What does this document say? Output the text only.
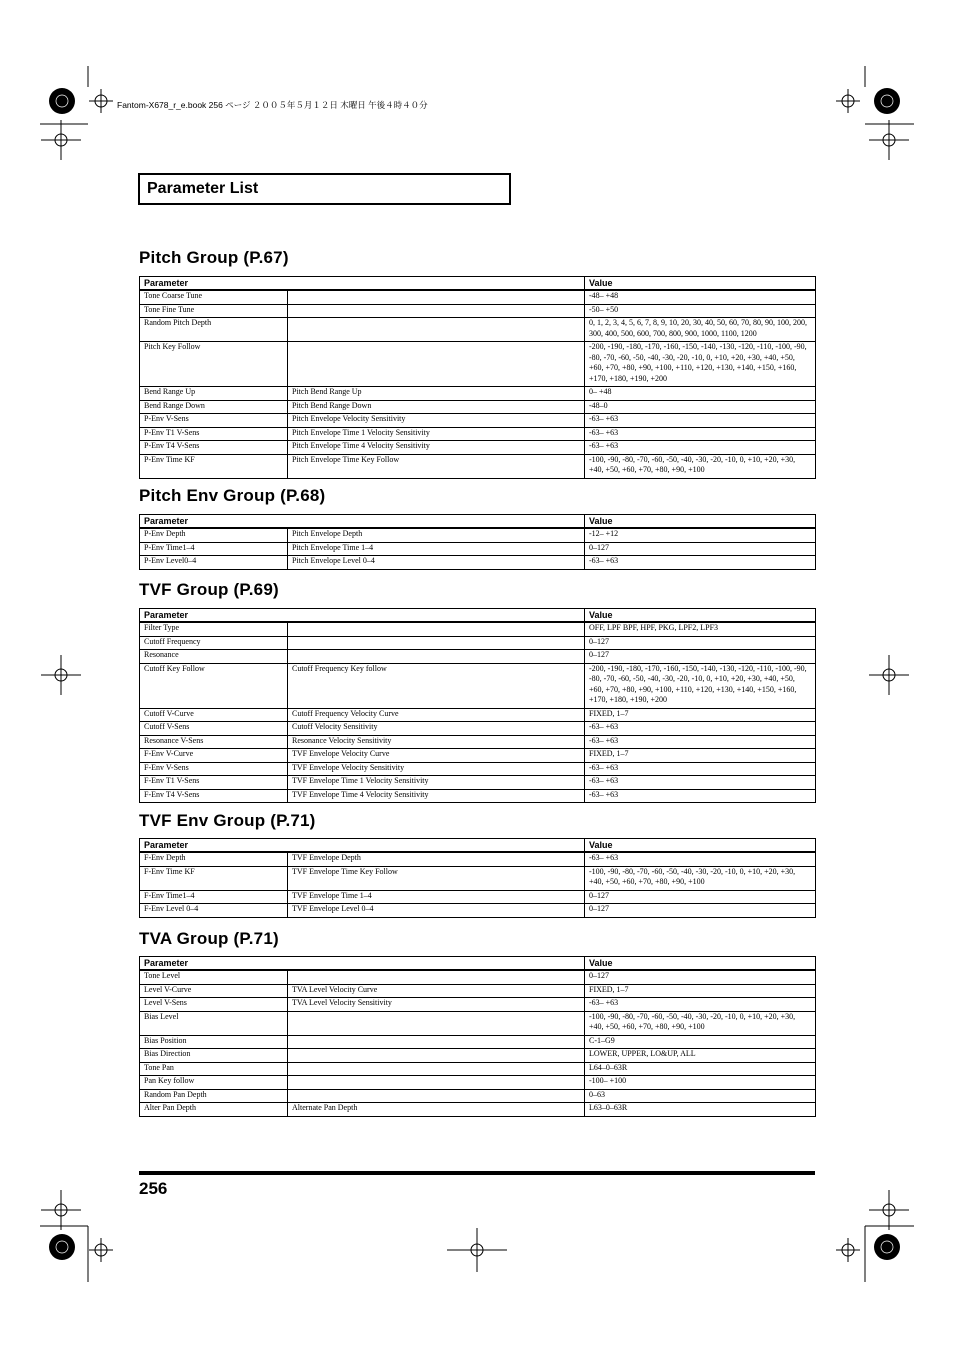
Fantom-X678_r_e.book 256 ページ ２００５年５月１２日 木曜日 午後４時４０分
Parameter List
Pitch Group (P.67)
Parameter		Value
Tone Coarse Tune		-48– +48
Tone Fine Tune		-50– +50
Random Pitch Depth		0, 1, 2, 3, 4, 5, 6, 7, 8, 9, 10, 20, 30, 40, 50, 60, 70, 80, 90, 100, 200, 300, 400, 500, 600, 700, 800, 900, 1000, 1100, 1200
Pitch Key Follow		-200, -190, -180, -170, -160, -150, -140, -130, -120, -110, -100, -90, -80, -70, -60, -50, -40, -30, -20, -10, 0, +10, +20, +30, +40, +50, +60, +70, +80, +90, +100, +110, +120, +130, +140, +150, +160, +170, +180, +190, +200
Bend Range Up	Pitch Bend Range Up	0– +48
Bend Range Down	Pitch Bend Range Down	-48–0
P-Env V-Sens	Pitch Envelope Velocity Sensitivity	-63– +63
P-Env T1 V-Sens	Pitch Envelope Time 1 Velocity Sensitivity	-63– +63
P-Env T4 V-Sens	Pitch Envelope Time 4 Velocity Sensitivity	-63– +63
P-Env Time KF	Pitch Envelope Time Key Follow	-100, -90, -80, -70, -60, -50, -40, -30, -20, -10, 0, +10, +20, +30, +40, +50, +60, +70, +80, +90, +100
Pitch Env Group (P.68)
Parameter		Value
P-Env Depth	Pitch Envelope Depth	-12– +12
P-Env Time1–4	Pitch Envelope Time 1–4	0–127
P-Env Level0–4	Pitch Envelope Level 0–4	-63– +63
TVF Group (P.69)
Parameter		Value
Filter Type		OFF, LPF BPF, HPF, PKG, LPF2, LPF3
Cutoff Frequency		0–127
Resonance		0–127
Cutoff Key Follow	Cutoff Frequency Key follow	-200, -190, -180, -170, -160, -150, -140, -130, -120, -110, -100, -90, -80, -70, -60, -50, -40, -30, -20, -10, 0, +10, +20, +30, +40, +50, +60, +70, +80, +90, +100, +110, +120, +130, +140, +150, +160, +170, +180, +190, +200
Cutoff V-Curve	Cutoff Frequency Velocity Curve	FIXED, 1–7
Cutoff V-Sens	Cutoff Velocity Sensitivity	-63– +63
Resonance V-Sens	Resonance Velocity Sensitivity	-63– +63
F-Env V-Curve	TVF Envelope Velocity Curve	FIXED, 1–7
F-Env V-Sens	TVF Envelope Velocity Sensitivity	-63– +63
F-Env T1 V-Sens	TVF Envelope Time 1 Velocity Sensitivity	-63– +63
F-Env T4 V-Sens	TVF Envelope Time 4 Velocity Sensitivity	-63– +63
TVF Env Group (P.71)
Parameter		Value
F-Env Depth	TVF Envelope Depth	-63– +63
F-Env Time KF	TVF Envelope Time Key Follow	-100, -90, -80, -70, -60, -50, -40, -30, -20, -10, 0, +10, +20, +30, +40, +50, +60, +70, +80, +90, +100
F-Env Time1–4	TVF Envelope Time 1–4	0–127
F-Env Level 0–4	TVF Envelope Level 0–4	0–127
TVA Group (P.71)
Parameter		Value
Tone Level		0–127
Level V-Curve	TVA Level Velocity Curve	FIXED, 1–7
Level V-Sens	TVA Level Velocity Sensitivity	-63– +63
Bias Level		-100, -90, -80, -70, -60, -50, -40, -30, -20, -10, 0, +10, +20, +30, +40, +50, +60, +70, +80, +90, +100
Bias Position		C-1–G9
Bias Direction		LOWER, UPPER, LO&UP, ALL
Tone Pan		L64–0–63R
Pan Key follow		-100– +100
Random Pan Depth		0–63
Alter Pan Depth	Alternate Pan Depth	L63–0–63R
256
